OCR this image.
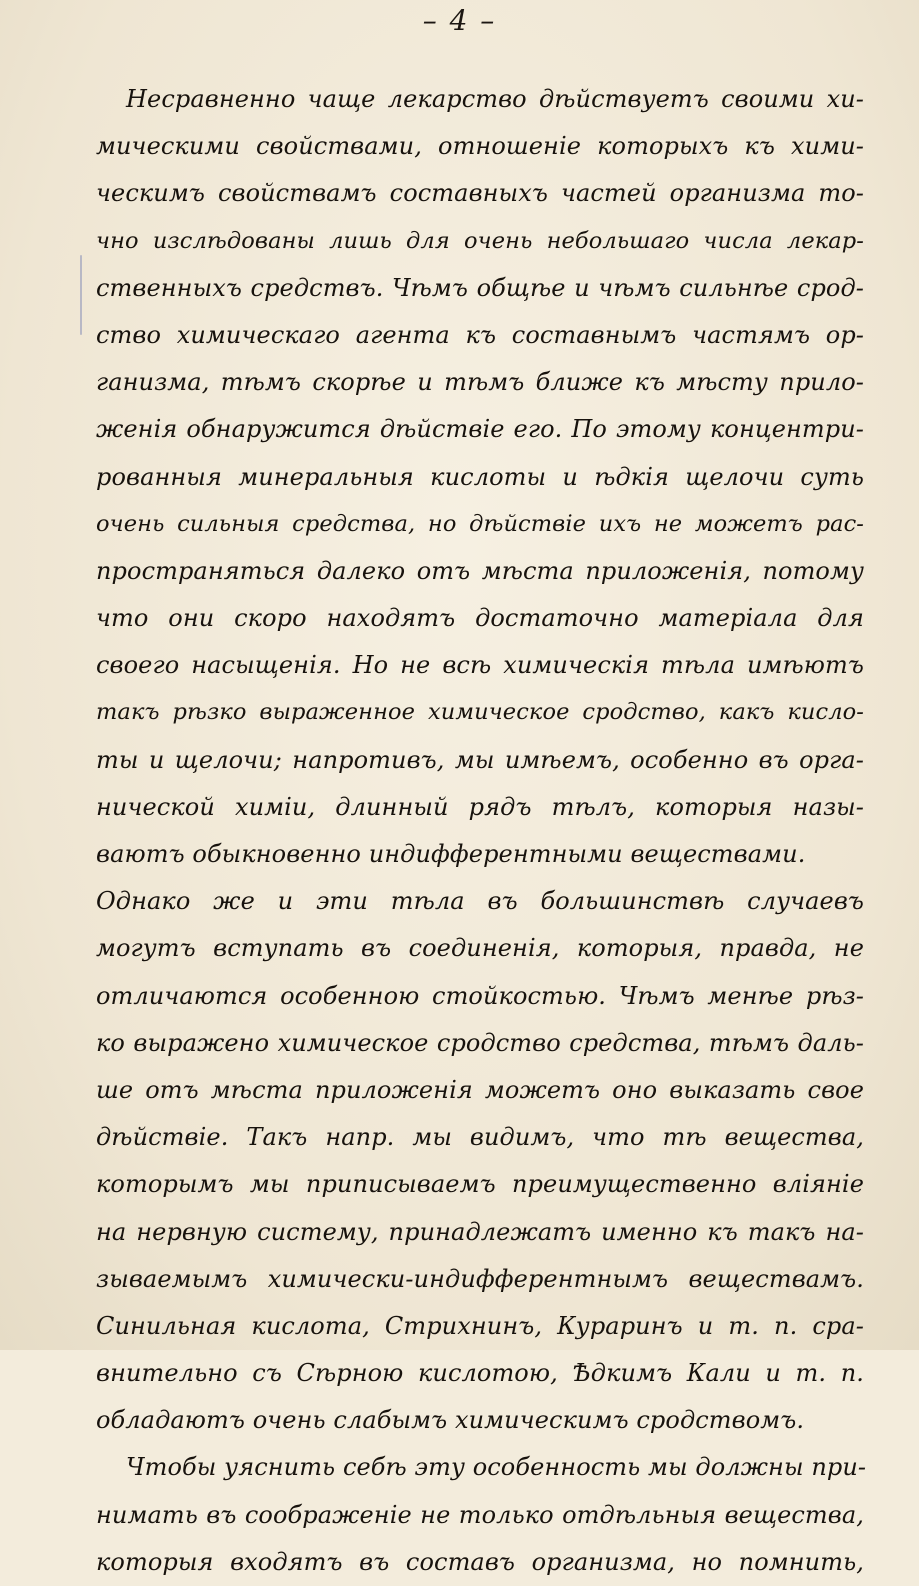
– 4 –
Несравненно чаще лекарство дѣйствуетъ своими хи-
мическими свойствами, отношеніе которыхъ къ хими-
ческимъ свойствамъ составныхъ частей организма то-
чно изслѣдованы лишь для очень небольшаго числа лекар-
ственныхъ средствъ. Чѣмъ общѣе и чѣмъ сильнѣе срод-
ство химическаго агента къ составнымъ частямъ ор-
ганизма, тѣмъ скорѣе и тѣмъ ближе къ мѣсту прило-
женія обнаружится дѣйствіе его. По этому концентри-
рованныя минеральныя кислоты и ѣдкія щелочи суть
очень сильныя средства, но дѣйствіе ихъ не можетъ рас-
пространяться далеко отъ мѣста приложенія, потому
что они скоро находятъ достаточно матеріала для
своего насыщенія. Но не всѣ химическія тѣла имѣютъ
такъ рѣзко выраженное химическое сродство, какъ кисло-
ты и щелочи; напротивъ, мы имѣемъ, особенно въ орга-
нической химіи, длинный рядъ тѣлъ, которыя назы-
ваютъ обыкновенно индифферентными веществами.
Однако же и эти тѣла въ большинствѣ случаевъ
могутъ вступать въ соединенія, которыя, правда, не
отличаются особенною стойкостью. Чѣмъ менѣе рѣз-
ко выражено химическое сродство средства, тѣмъ даль-
ше отъ мѣста приложенія можетъ оно выказать свое
дѣйствіе. Такъ напр. мы видимъ, что тѣ вещества,
которымъ мы приписываемъ преимущественно вліяніе
на нервную систему, принадлежатъ именно къ такъ на-
зываемымъ химически-индифферентнымъ веществамъ.
Синильная кислота, Стрихнинъ, Кураринъ и т. п. сра-
внительно съ Сѣрною кислотою, Ѣдкимъ Кали и т. п.
обладаютъ очень слабымъ химическимъ сродствомъ.
Чтобы уяснить себѣ эту особенность мы должны при-
нимать въ соображеніе не только отдѣльныя вещества,
которыя входятъ въ составъ организма, но помнить,
